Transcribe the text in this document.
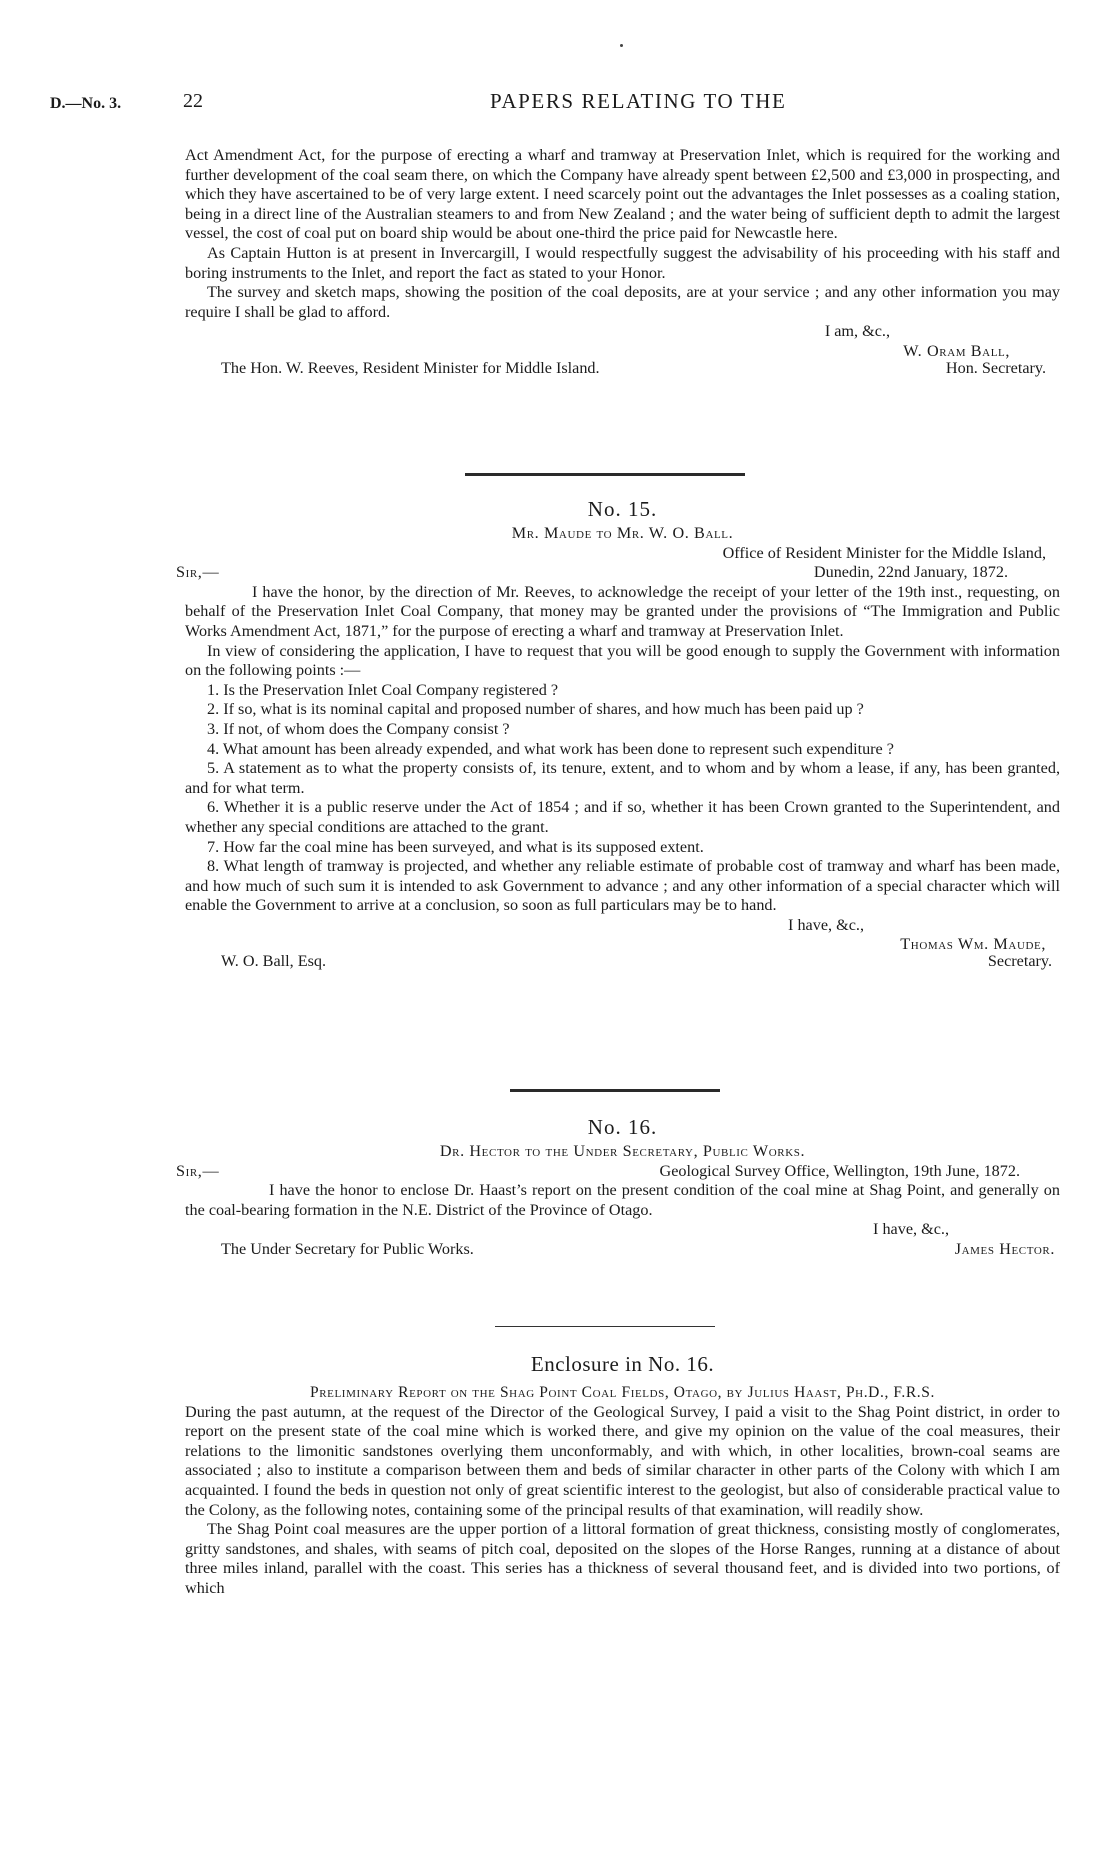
D.—No. 3.	22	PAPERS RELATING TO THE

Act Amendment Act, for the purpose of erecting a wharf and tramway at Preservation Inlet, which is required for the working and further development of the coal seam there, on which the Company have already spent between £2,500 and £3,000 in prospecting, and which they have ascertained to be of very large extent. I need scarcely point out the advantages the Inlet possesses as a coaling station, being in a direct line of the Australian steamers to and from New Zealand ; and the water being of sufficient depth to admit the largest vessel, the cost of coal put on board ship would be about one-third the price paid for Newcastle here.

As Captain Hutton is at present in Invercargill, I would respectfully suggest the advisability of his proceeding with his staff and boring instruments to the Inlet, and report the fact as stated to your Honor.

The survey and sketch maps, showing the position of the coal deposits, are at your service ; and any other information you may require I shall be glad to afford.

I am, &c.,
W. Oram Ball,
The Hon. W. Reeves, Resident Minister for Middle Island.	Hon. Secretary.
No. 15.
Mr. Maude to Mr. W. O. Ball.
Office of Resident Minister for the Middle Island,
Sir,—	Dunedin, 22nd January, 1872.

I have the honor, by the direction of Mr. Reeves, to acknowledge the receipt of your letter of the 19th inst., requesting, on behalf of the Preservation Inlet Coal Company, that money may be granted under the provisions of “The Immigration and Public Works Amendment Act, 1871,” for the purpose of erecting a wharf and tramway at Preservation Inlet.

In view of considering the application, I have to request that you will be good enough to supply the Government with information on the following points :—

1. Is the Preservation Inlet Coal Company registered ?

2. If so, what is its nominal capital and proposed number of shares, and how much has been paid up ?

3. If not, of whom does the Company consist ?

4. What amount has been already expended, and what work has been done to represent such expenditure ?

5. A statement as to what the property consists of, its tenure, extent, and to whom and by whom a lease, if any, has been granted, and for what term.

6. Whether it is a public reserve under the Act of 1854 ; and if so, whether it has been Crown granted to the Superintendent, and whether any special conditions are attached to the grant.

7. How far the coal mine has been surveyed, and what is its supposed extent.

8. What length of tramway is projected, and whether any reliable estimate of probable cost of tramway and wharf has been made, and how much of such sum it is intended to ask Government to advance ; and any other information of a special character which will enable the Government to arrive at a conclusion, so soon as full particulars may be to hand.

I have, &c.,
Thomas Wm. Maude,
W. O. Ball, Esq.	Secretary.
No. 16.
Dr. Hector to the Under Secretary, Public Works.
Sir,—	Geological Survey Office, Wellington, 19th June, 1872.

I have the honor to enclose Dr. Haast’s report on the present condition of the coal mine at Shag Point, and generally on the coal-bearing formation in the N.E. District of the Province of Otago.

I have, &c.,
The Under Secretary for Public Works.	James Hector.
Enclosure in No. 16.
Preliminary Report on the Shag Point Coal Fields, Otago, by Julius Haast, Ph.D., F.R.S.

During the past autumn, at the request of the Director of the Geological Survey, I paid a visit to the Shag Point district, in order to report on the present state of the coal mine which is worked there, and give my opinion on the value of the coal measures, their relations to the limonitic sandstones overlying them unconformably, and with which, in other localities, brown-coal seams are associated ; also to institute a comparison between them and beds of similar character in other parts of the Colony with which I am acquainted. I found the beds in question not only of great scientific interest to the geologist, but also of considerable practical value to the Colony, as the following notes, containing some of the principal results of that examination, will readily show.

The Shag Point coal measures are the upper portion of a littoral formation of great thickness, consisting mostly of conglomerates, gritty sandstones, and shales, with seams of pitch coal, deposited on the slopes of the Horse Ranges, running at a distance of about three miles inland, parallel with the coast. This series has a thickness of several thousand feet, and is divided into two portions, of which
